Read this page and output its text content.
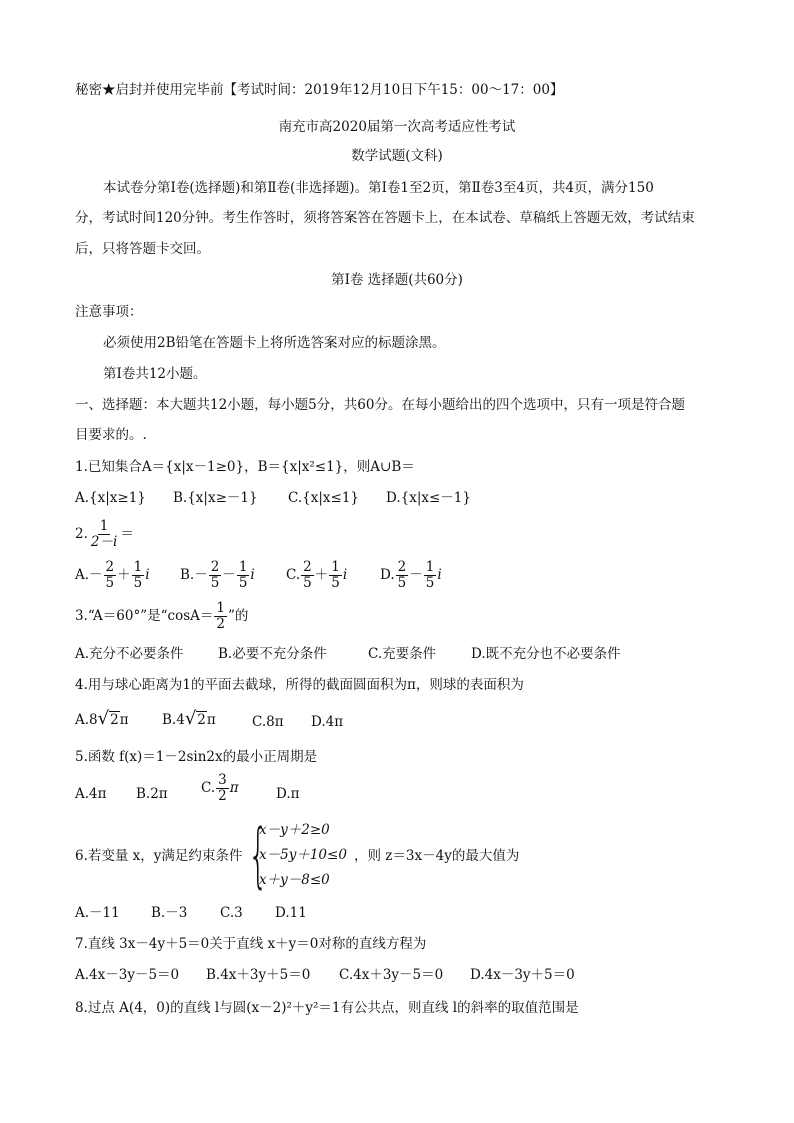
秘密★启封并使用完毕前【考试时间：2019年12月10日下午15：00～17：00】
南充市高2020届第一次高考适应性考试
数学试题(文科)
本试卷分第Ⅰ卷(选择题)和第Ⅱ卷(非选择题)。第Ⅰ卷1至2页，第Ⅱ卷3至4页，共4页，满分150
分，考试时间120分钟。考生作答时，须将答案答在答题卡上，在本试卷、草稿纸上答题无效，考试结束
后，只将答题卡交回。
第Ⅰ卷 选择题(共60分)
注意事项：
必须使用2B铅笔在答题卡上将所选答案对应的标题涂黑。
第Ⅰ卷共12小题。
一、选择题：本大题共12小题，每小题5分，共60分。在每小题给出的四个选项中，只有一项是符合题
目要求的。.
1.已知集合A＝{x|x－1≥0}，B＝{x|x²≤1}，则A∪B＝
A.{x|x≥1} B.{x|x≥－1} C.{x|x≤1} D.{x|x≤－1}
2. $\frac{1}{2-i}$ ＝
$A.- \frac{2}{5} + \frac{1}{5}$ i $B.- \frac{2}{5} - \frac{1}{5}$ i C. $\frac{2}{5} + \frac{1}{5}$ i D. $\frac{2}{5} - \frac{1}{5}$ i
3.“A＝60°”是“$\cos A= \frac{1}{2}$ ”的
A.充分不必要条件	B.必要不充分条件	C.充要条件	D.既不充分也不必要条件
4.用与球心距离为1的平面去截球，所得的截面圆面积为π，则球的表面积为
A.8 √ 2 π B.4 √ 2 π	C.8π D.4π
5.函数 f(x)＝1－2sin2x的最小正周期是
A.4π B.2π C. $\frac{3}{2}$ π	D.π
6.若变量 x，y满足约束条件 {
x－y＋2≥0
x－5y＋10≤0
x＋y－8≤0
，则 z＝3x－4y的最大值为
A.－11 B.－3 C.3 D.11
7.直线 3x－4y＋5＝0关于直线 x＋y＝0对称的直线方程为
A.4x－3y－5＝0 B.4x＋3y＋5＝0 C.4x＋3y－5＝0 D.4x－3y＋5＝0
8.过点 A(4，0)的直线 l与圆(x－2)²＋y²＝1有公共点，则直线 l的斜率的取值范围是
